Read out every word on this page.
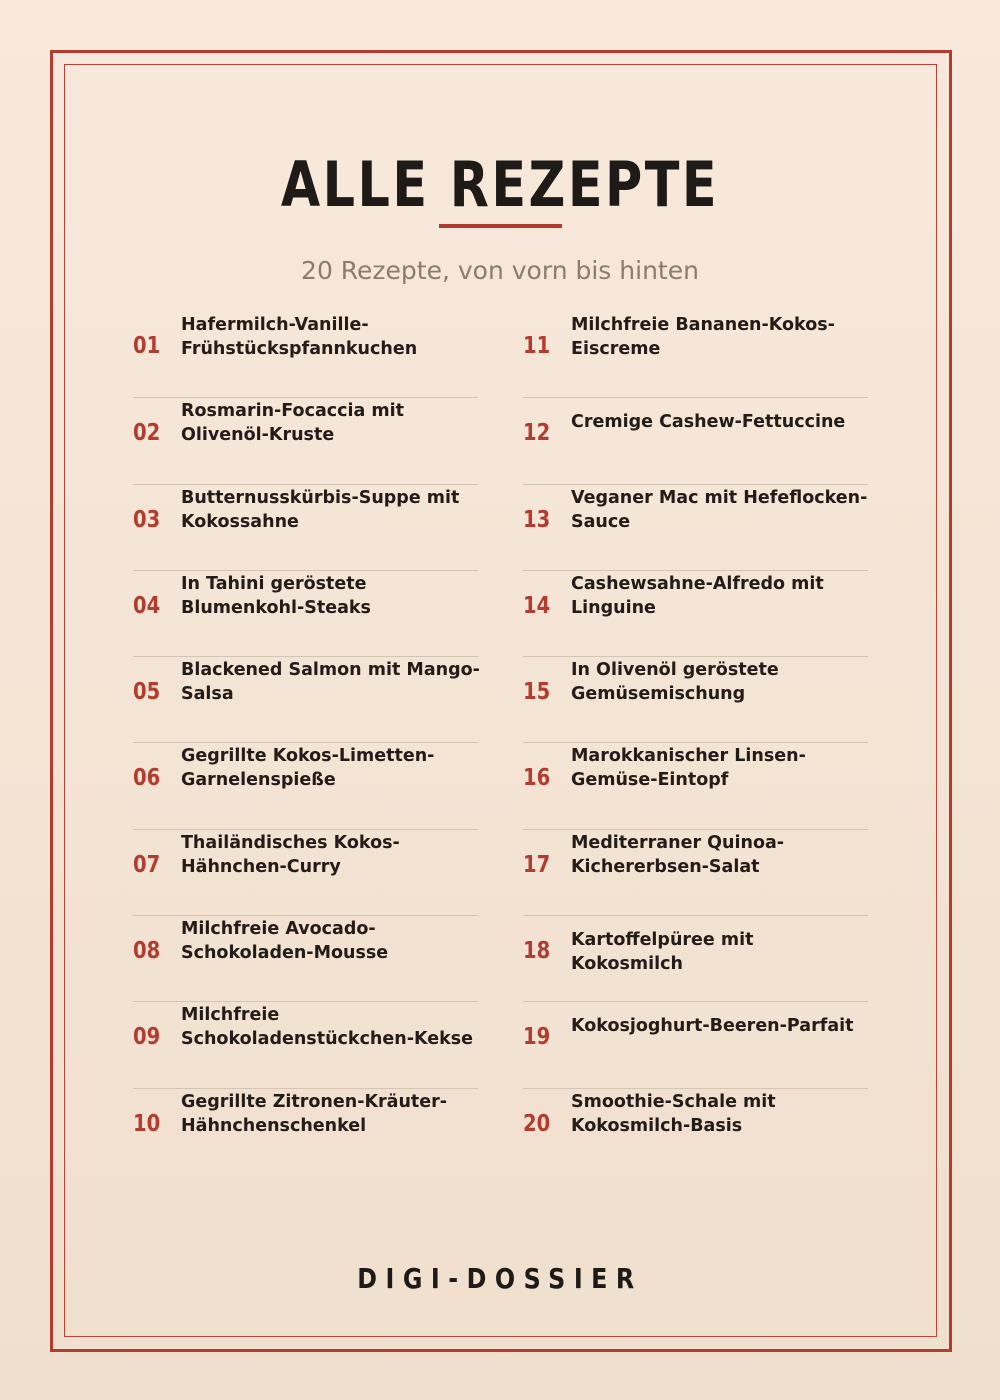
ALLE REZEPTE
20 Rezepte, von vorn bis hinten
01
Hafermilch-Vanille-Frühstückspfannkuchen
02
Rosmarin-Focaccia mit Olivenöl-Kruste
03
Butternusskürbis-Suppe mit Kokossahne
04
In Tahini geröstete Blumenkohl-Steaks
05
Blackened Salmon mit Mango-Salsa
06
Gegrillte Kokos-Limetten-Garnelenspieße
07
Thailändisches Kokos-Hähnchen-Curry
08
Milchfreie Avocado-Schokoladen-Mousse
09
Milchfreie Schokoladenstückchen-Kekse
10
Gegrillte Zitronen-Kräuter-Hähnchenschenkel
11
Milchfreie Bananen-Kokos-Eiscreme
12 Cremige Cashew-Fettuccine
13
Veganer Mac mit Hefeflocken-Sauce
14
Cashewsahne-Alfredo mit Linguine
15
In Olivenöl geröstete Gemüsemischung
16
Marokkanischer Linsen-Gemüse-Eintopf
17
Mediterraner Quinoa-Kichererbsen-Salat
18 Kartoffelpüree mit Kokosmilch
19 Kokosjoghurt-Beeren-Parfait
20
Smoothie-Schale mit Kokosmilch-Basis
DIGI-DOSSIER
